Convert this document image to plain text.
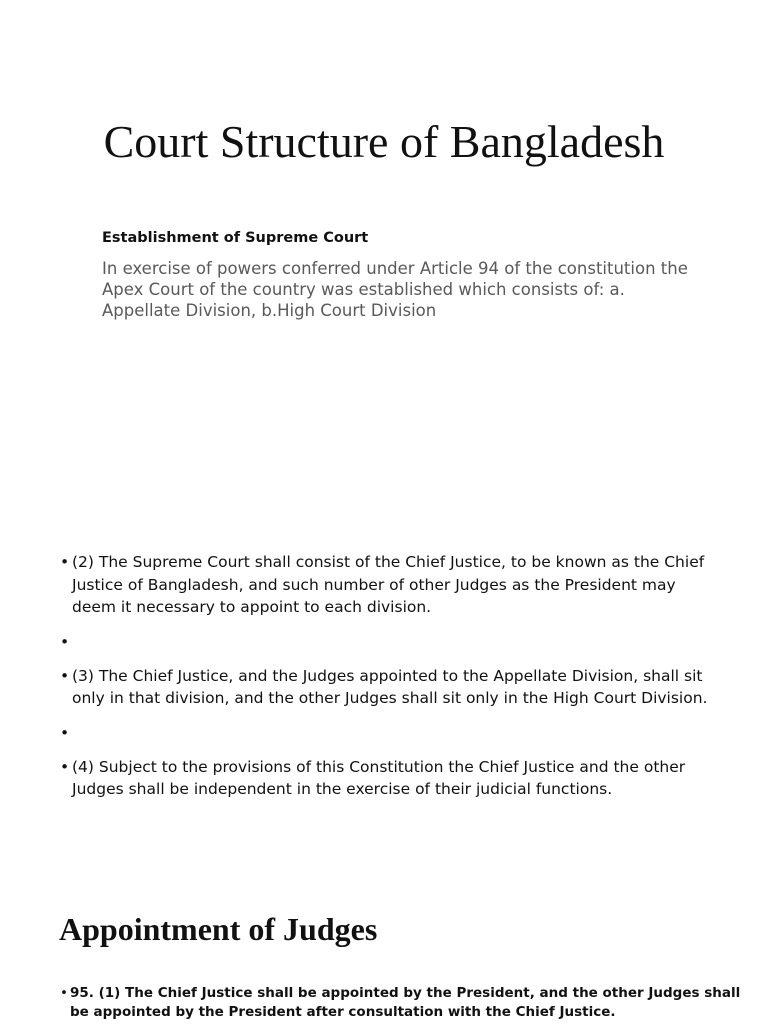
Court Structure of Bangladesh
Establishment of Supreme Court
In exercise of powers conferred under Article 94 of the constitution the Apex Court of the country was established which consists of: a. Appellate Division, b.High Court Division
• (2) The Supreme Court shall consist of the Chief Justice, to be known as the Chief Justice of Bangladesh, and such number of other Judges as the President may deem it necessary to appoint to each division.
•
• (3) The Chief Justice, and the Judges appointed to the Appellate Division, shall sit only in that division, and the other Judges shall sit only in the High Court Division.
•
• (4) Subject to the provisions of this Constitution the Chief Justice and the other Judges shall be independent in the exercise of their judicial functions.
Appointment of Judges
• 95. (1) The Chief Justice shall be appointed by the President, and the other Judges shall be appointed by the President after consultation with the Chief Justice.
